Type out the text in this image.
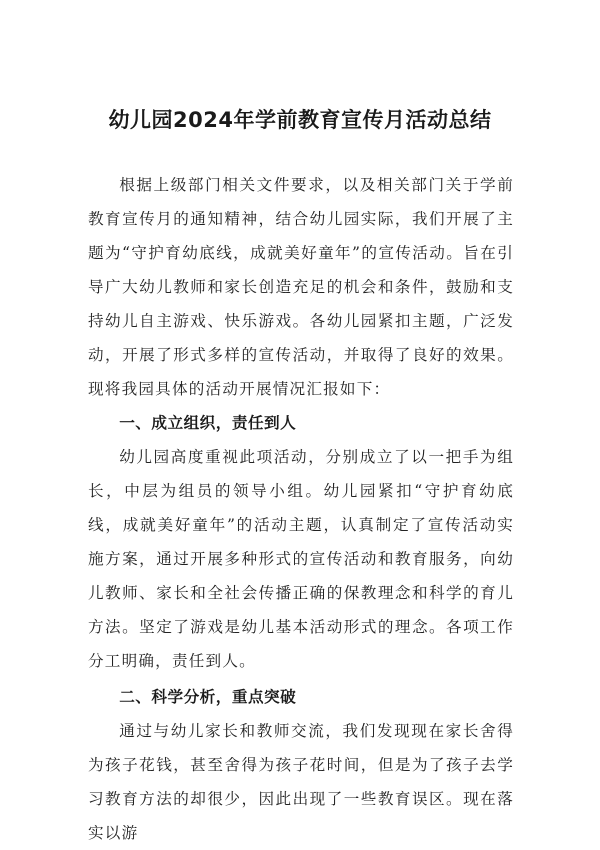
幼儿园2024年学前教育宣传月活动总结

根据上级部门相关文件要求，以及相关部门关于学前教育宣传月的通知精神，结合幼儿园实际，我们开展了主题为“守护育幼底线，成就美好童年”的宣传活动。旨在引导广大幼儿教师和家长创造充足的机会和条件，鼓励和支持幼儿自主游戏、快乐游戏。各幼儿园紧扣主题，广泛发动，开展了形式多样的宣传活动，并取得了良好的效果。现将我园具体的活动开展情况汇报如下：

一、成立组织，责任到人

幼儿园高度重视此项活动，分别成立了以一把手为组长，中层为组员的领导小组。幼儿园紧扣“守护育幼底线，成就美好童年”的活动主题，认真制定了宣传活动实施方案，通过开展多种形式的宣传活动和教育服务，向幼儿教师、家长和全社会传播正确的保教理念和科学的育儿方法。坚定了游戏是幼儿基本活动形式的理念。各项工作分工明确，责任到人。

二、科学分析，重点突破

通过与幼儿家长和教师交流，我们发现现在家长舍得为孩子花钱，甚至舍得为孩子花时间，但是为了孩子去学习教育方法的却很少，因此出现了一些教育误区。现在落实以游
